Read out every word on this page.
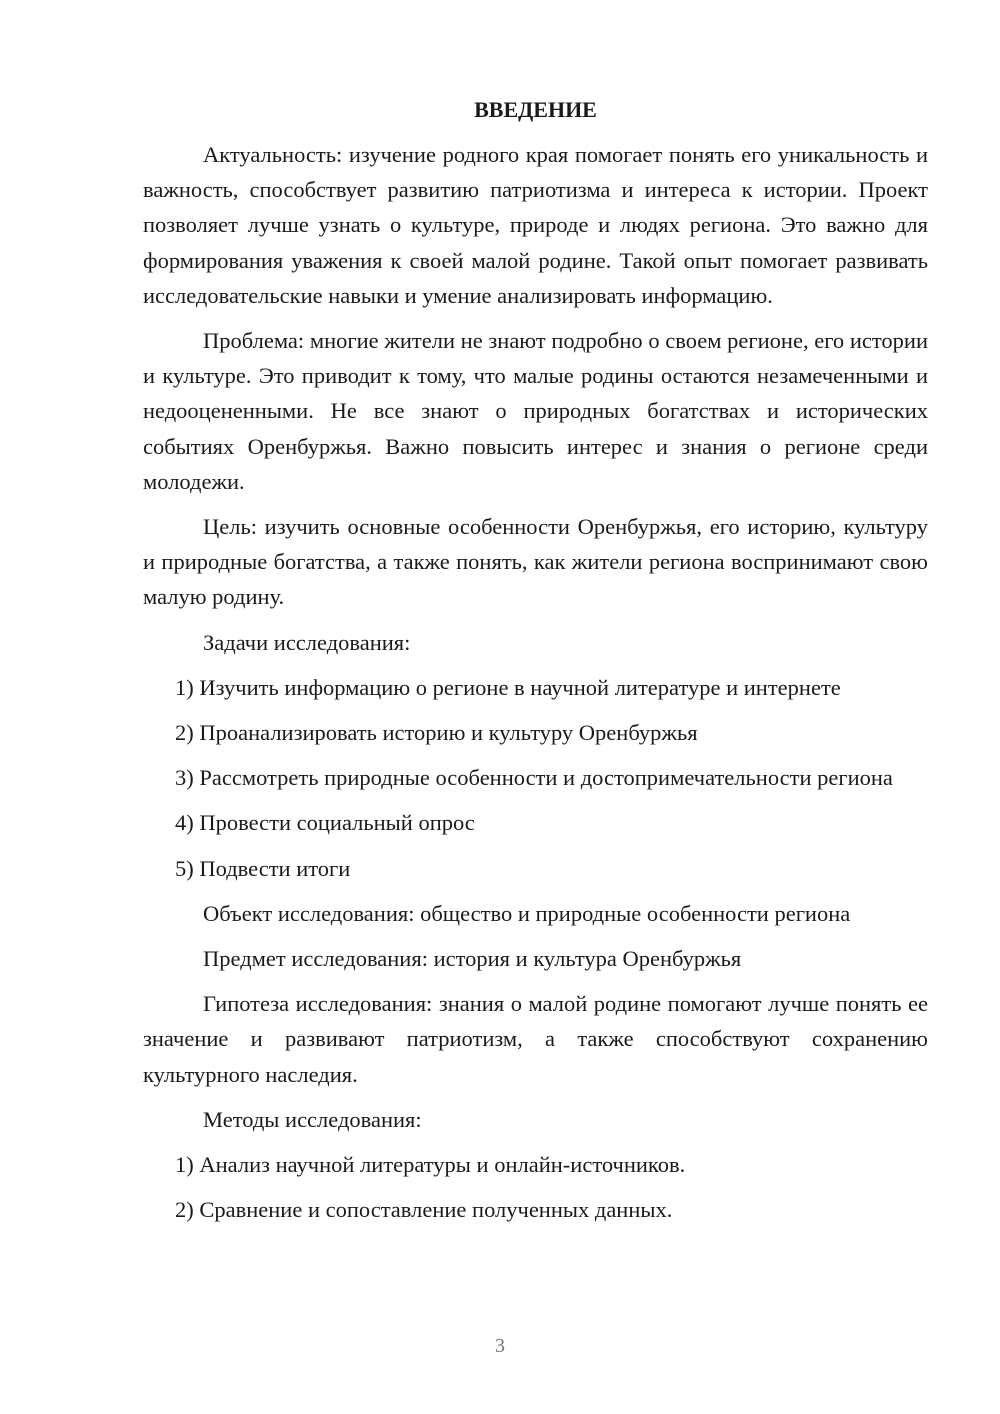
ВВЕДЕНИЕ

Актуальность: изучение родного края помогает понять его уникальность и важность, способствует развитию патриотизма и интереса к истории. Проект позволяет лучше узнать о культуре, природе и людях региона. Это важно для формирования уважения к своей малой родине. Такой опыт помогает развивать исследовательские навыки и умение анализировать информацию.

Проблема: многие жители не знают подробно о своем регионе, его истории и культуре. Это приводит к тому, что малые родины остаются незамеченными и недооцененными. Не все знают о природных богатствах и исторических событиях Оренбуржья. Важно повысить интерес и знания о регионе среди молодежи.

Цель: изучить основные особенности Оренбуржья, его историю, культуру и природные богатства, а также понять, как жители региона воспринимают свою малую родину.

Задачи исследования:

1) Изучить информацию о регионе в научной литературе и интернете

2) Проанализировать историю и культуру Оренбуржья

3) Рассмотреть природные особенности и достопримечательности региона

4) Провести социальный опрос

5) Подвести итоги

Объект исследования: общество и природные особенности региона

Предмет исследования: история и культура Оренбуржья

Гипотеза исследования: знания о малой родине помогают лучше понять ее значение и развивают патриотизм, а также способствуют сохранению культурного наследия.

Методы исследования:

1) Анализ научной литературы и онлайн-источников.

2) Сравнение и сопоставление полученных данных.

3
